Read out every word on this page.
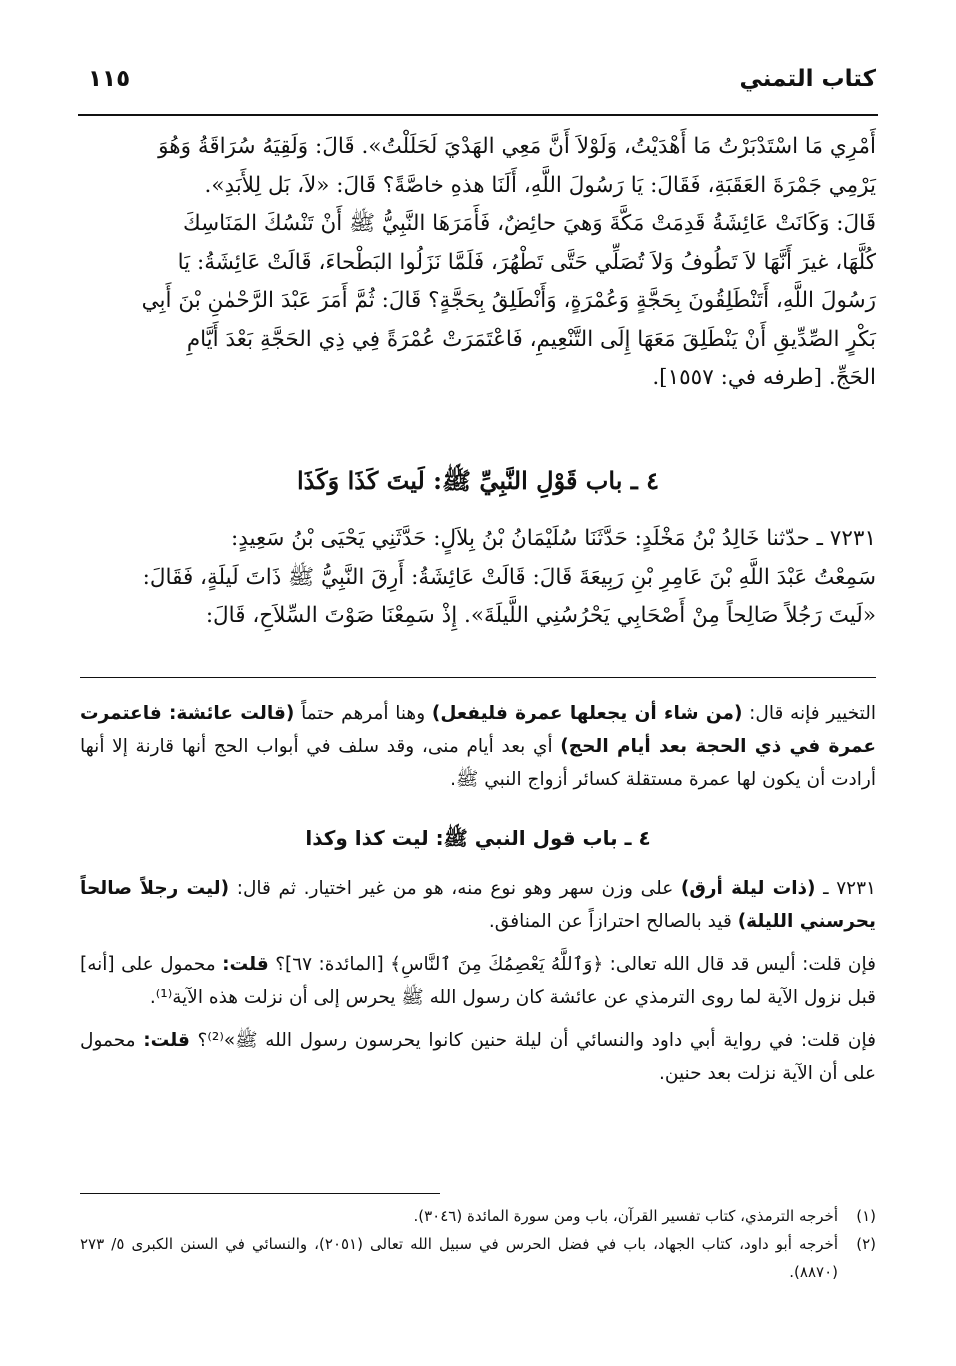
كتاب التمني
١١٥

أَمْرِي مَا اسْتَدْبَرْتُ مَا أَهْدَيْتُ، وَلَوْلاَ أَنَّ مَعِي الهَدْيَ لَحَلَلْتُ». قَالَ: وَلَقِيَهُ سُرَاقَةُ وَهُوَ

يَرْمِي جَمْرَةَ العَقَبَةِ، فَقَالَ: يَا رَسُولَ اللَّهِ، أَلَنَا هذهِ خاصَّةً؟ قَالَ: «لاَ، بَل لِلأَبَدِ».

قَالَ: وَكَانَتْ عَائِشَةُ قَدِمَتْ مَكَّةَ وَهيَ حائِضٌ، فَأَمَرَهَا النَّبِيُّ ﷺ أَنْ تَنْسُكَ المَنَاسِكَ

كُلَّهَا، غيرَ أَنَّهَا لاَ تَطُوفُ وَلاَ تُصَلِّي حَتَّى تَطْهُرَ، فَلَمَّا نَزَلُوا البَطْحاءَ، قَالَتْ عَائِشَةُ: يَا

رَسُولَ اللَّهِ، أَتَنْطَلِقُونَ بِحَجَّةٍ وَعُمْرَةٍ، وَأَنْطَلِقُ بِحَجَّةٍ؟ قَالَ: ثُمَّ أَمَرَ عَبْدَ الرَّحْمٰنِ بْنَ أَبِي

بَكْرٍ الصِّدِّيقِ أَنْ يَنْطَلِقَ مَعَهَا إِلَى التَّنْعِيمِ، فَاعْتَمَرَتْ عُمْرَةً فِي ذِي الحَجَّةِ بَعْدَ أَيَّامِ

الحَجِّ. [طرفه في: ١٥٥٧].

٤ ـ باب قَوْلِ النَّبِيِّ ﷺ: لَيتَ كَذَا وَكَذَا

٧٢٣١ ـ حدّثنا خَالِدُ بْنُ مَخْلَدٍ: حَدَّثَنَا سُلَيْمَانُ بْنُ بِلاَلٍ: حَدَّثَنِي يَحْيَى بْنُ سَعِيدٍ:

سَمِعْتُ عَبْدَ اللَّهِ بْنَ عَامِرِ بْنِ رَبِيعَةَ قَالَ: قَالَتْ عَائِشَةُ: أَرِقَ النَّبِيُّ ﷺ ذَاتَ لَيلَةٍ، فَقَالَ:

«لَيتَ رَجُلاً صَالِحاً مِنْ أَصْحَابِي يَحْرُسُنِي اللَّيلَةَ». إِذْ سَمِعْنَا صَوْتَ السِّلاَحِ، قَالَ:

التخيير فإنه قال: (من شاء أن يجعلها عمرة فليفعل) وهنا أمرهم حتماً (قالت عائشة: فاعتمرت عمرة في ذي الحجة بعد أيام الحج) أي بعد أيام منى، وقد سلف في أبواب الحج أنها قارنة إلا أنها أرادت أن يكون لها عمرة مستقلة كسائر أزواج النبي ﷺ.

٤ ـ باب قول النبي ﷺ: ليت كذا وكذا

٧٢٣١ ـ (ذات ليلة أرق) على وزن سهر وهو نوع منه، هو من غير اختيار. ثم قال: (ليت رجلاً صالحاً يحرسني الليلة) قيد بالصالح احترازاً عن المنافق.

فإن قلت: أليس قد قال الله تعالى: ﴿وَٱللَّهُ يَعْصِمُكَ مِنَ ٱلنَّاسِ﴾ [المائدة: ٦٧]؟ قلت: محمول على [أنه] قبل نزول الآية لما روى الترمذي عن عائشة كان رسول الله ﷺ يحرس إلى أن نزلت هذه الآية⁽¹⁾.

فإن قلت: في رواية أبي داود والنسائي أن ليلة حنين كانوا يحرسون رسول الله ﷺ»⁽²⁾؟ قلت: محمول على أن الآية نزلت بعد حنين.

(١)
أخرجه الترمذي، كتاب تفسير القرآن، باب ومن سورة المائدة (٣٠٤٦).
(٢)
أخرجه أبو داود، كتاب الجهاد، باب في فضل الحرس في سبيل الله تعالى (٢٠٥١)، والنسائي في السنن الكبرى ٥/ ٢٧٣ (٨٨٧٠).
